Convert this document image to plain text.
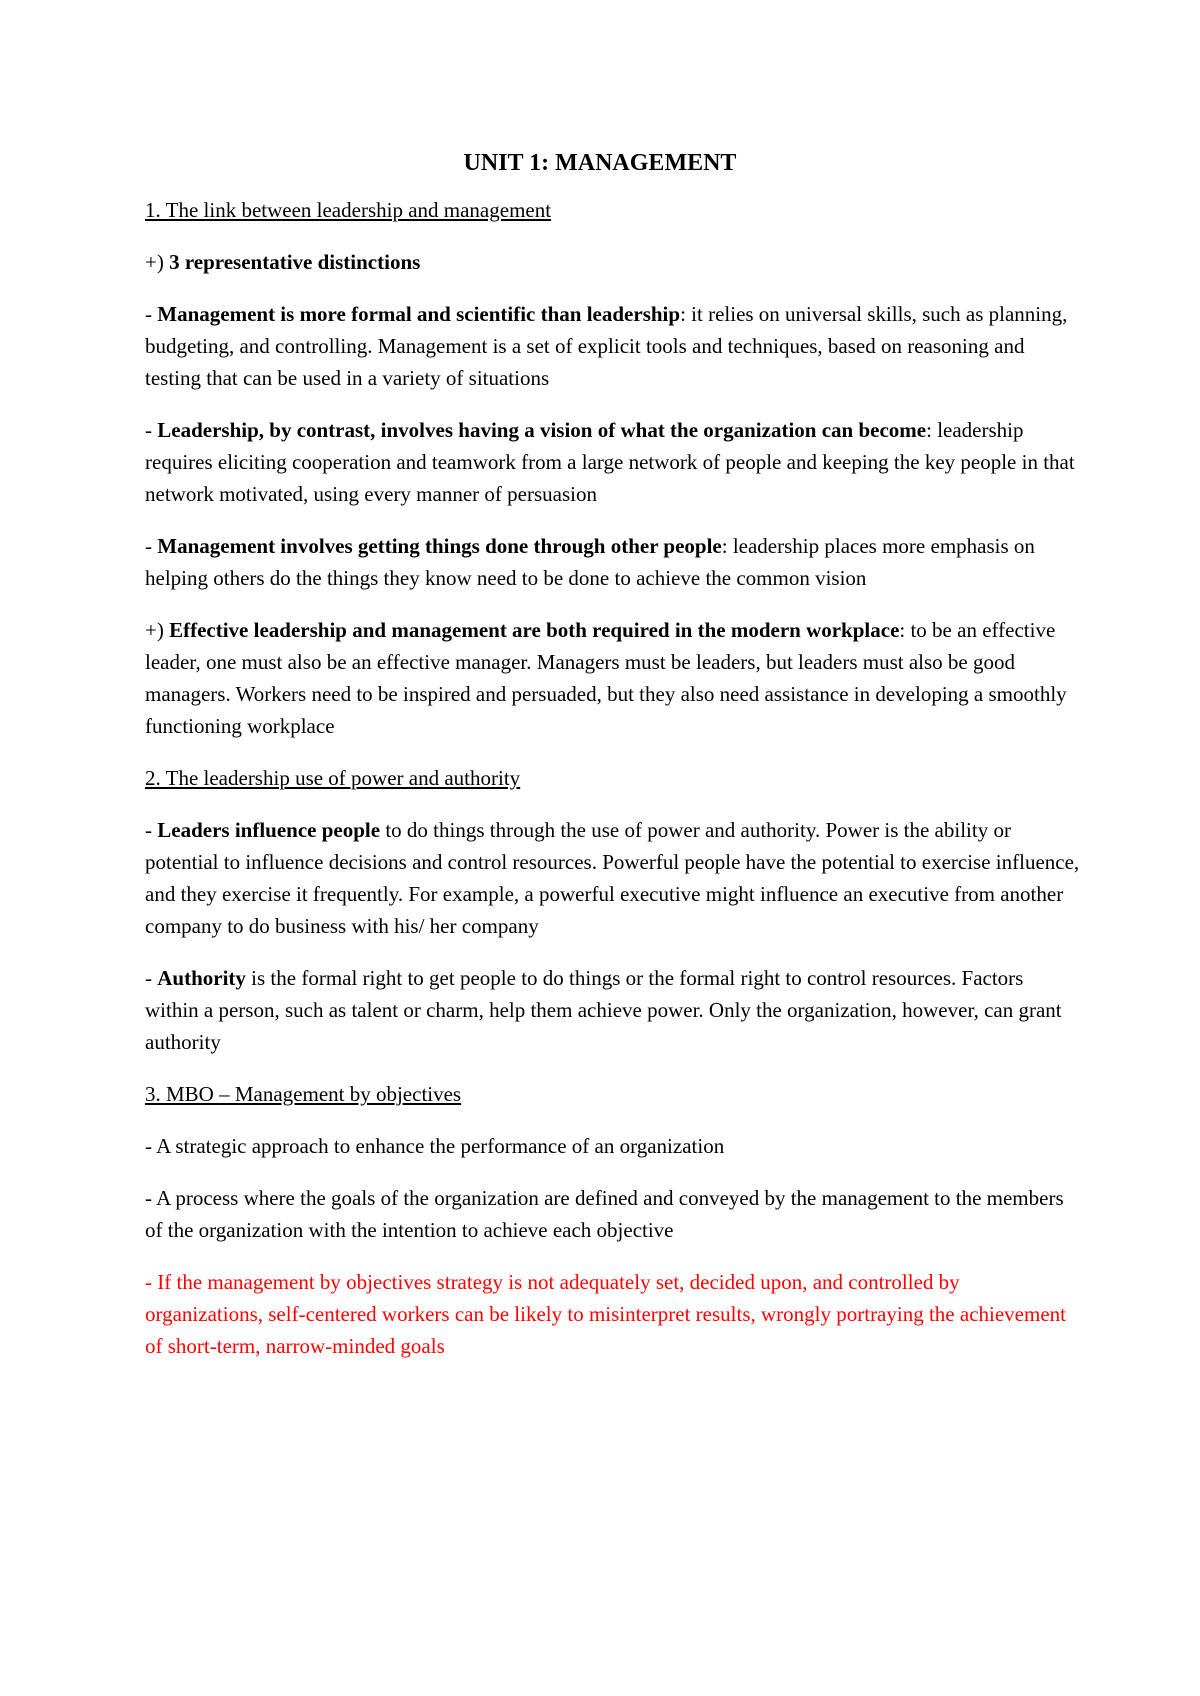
UNIT 1: MANAGEMENT

1. The link between leadership and management

+) 3 representative distinctions

- Management is more formal and scientific than leadership: it relies on universal skills, such as planning, budgeting, and controlling. Management is a set of explicit tools and techniques, based on reasoning and testing that can be used in a variety of situations

- Leadership, by contrast, involves having a vision of what the organization can become: leadership requires eliciting cooperation and teamwork from a large network of people and keeping the key people in that network motivated, using every manner of persuasion

- Management involves getting things done through other people: leadership places more emphasis on helping others do the things they know need to be done to achieve the common vision

+) Effective leadership and management are both required in the modern workplace: to be an effective leader, one must also be an effective manager. Managers must be leaders, but leaders must also be good managers. Workers need to be inspired and persuaded, but they also need assistance in developing a smoothly functioning workplace

2. The leadership use of power and authority

- Leaders influence people to do things through the use of power and authority. Power is the ability or potential to influence decisions and control resources. Powerful people have the potential to exercise influence, and they exercise it frequently. For example, a powerful executive might influence an executive from another company to do business with his/ her company

- Authority is the formal right to get people to do things or the formal right to control resources. Factors within a person, such as talent or charm, help them achieve power. Only the organization, however, can grant authority

3. MBO – Management by objectives

- A strategic approach to enhance the performance of an organization

- A process where the goals of the organization are defined and conveyed by the management to the members of the organization with the intention to achieve each objective

- If the management by objectives strategy is not adequately set, decided upon, and controlled by organizations, self-centered workers can be likely to misinterpret results, wrongly portraying the achievement of short-term, narrow-minded goals
